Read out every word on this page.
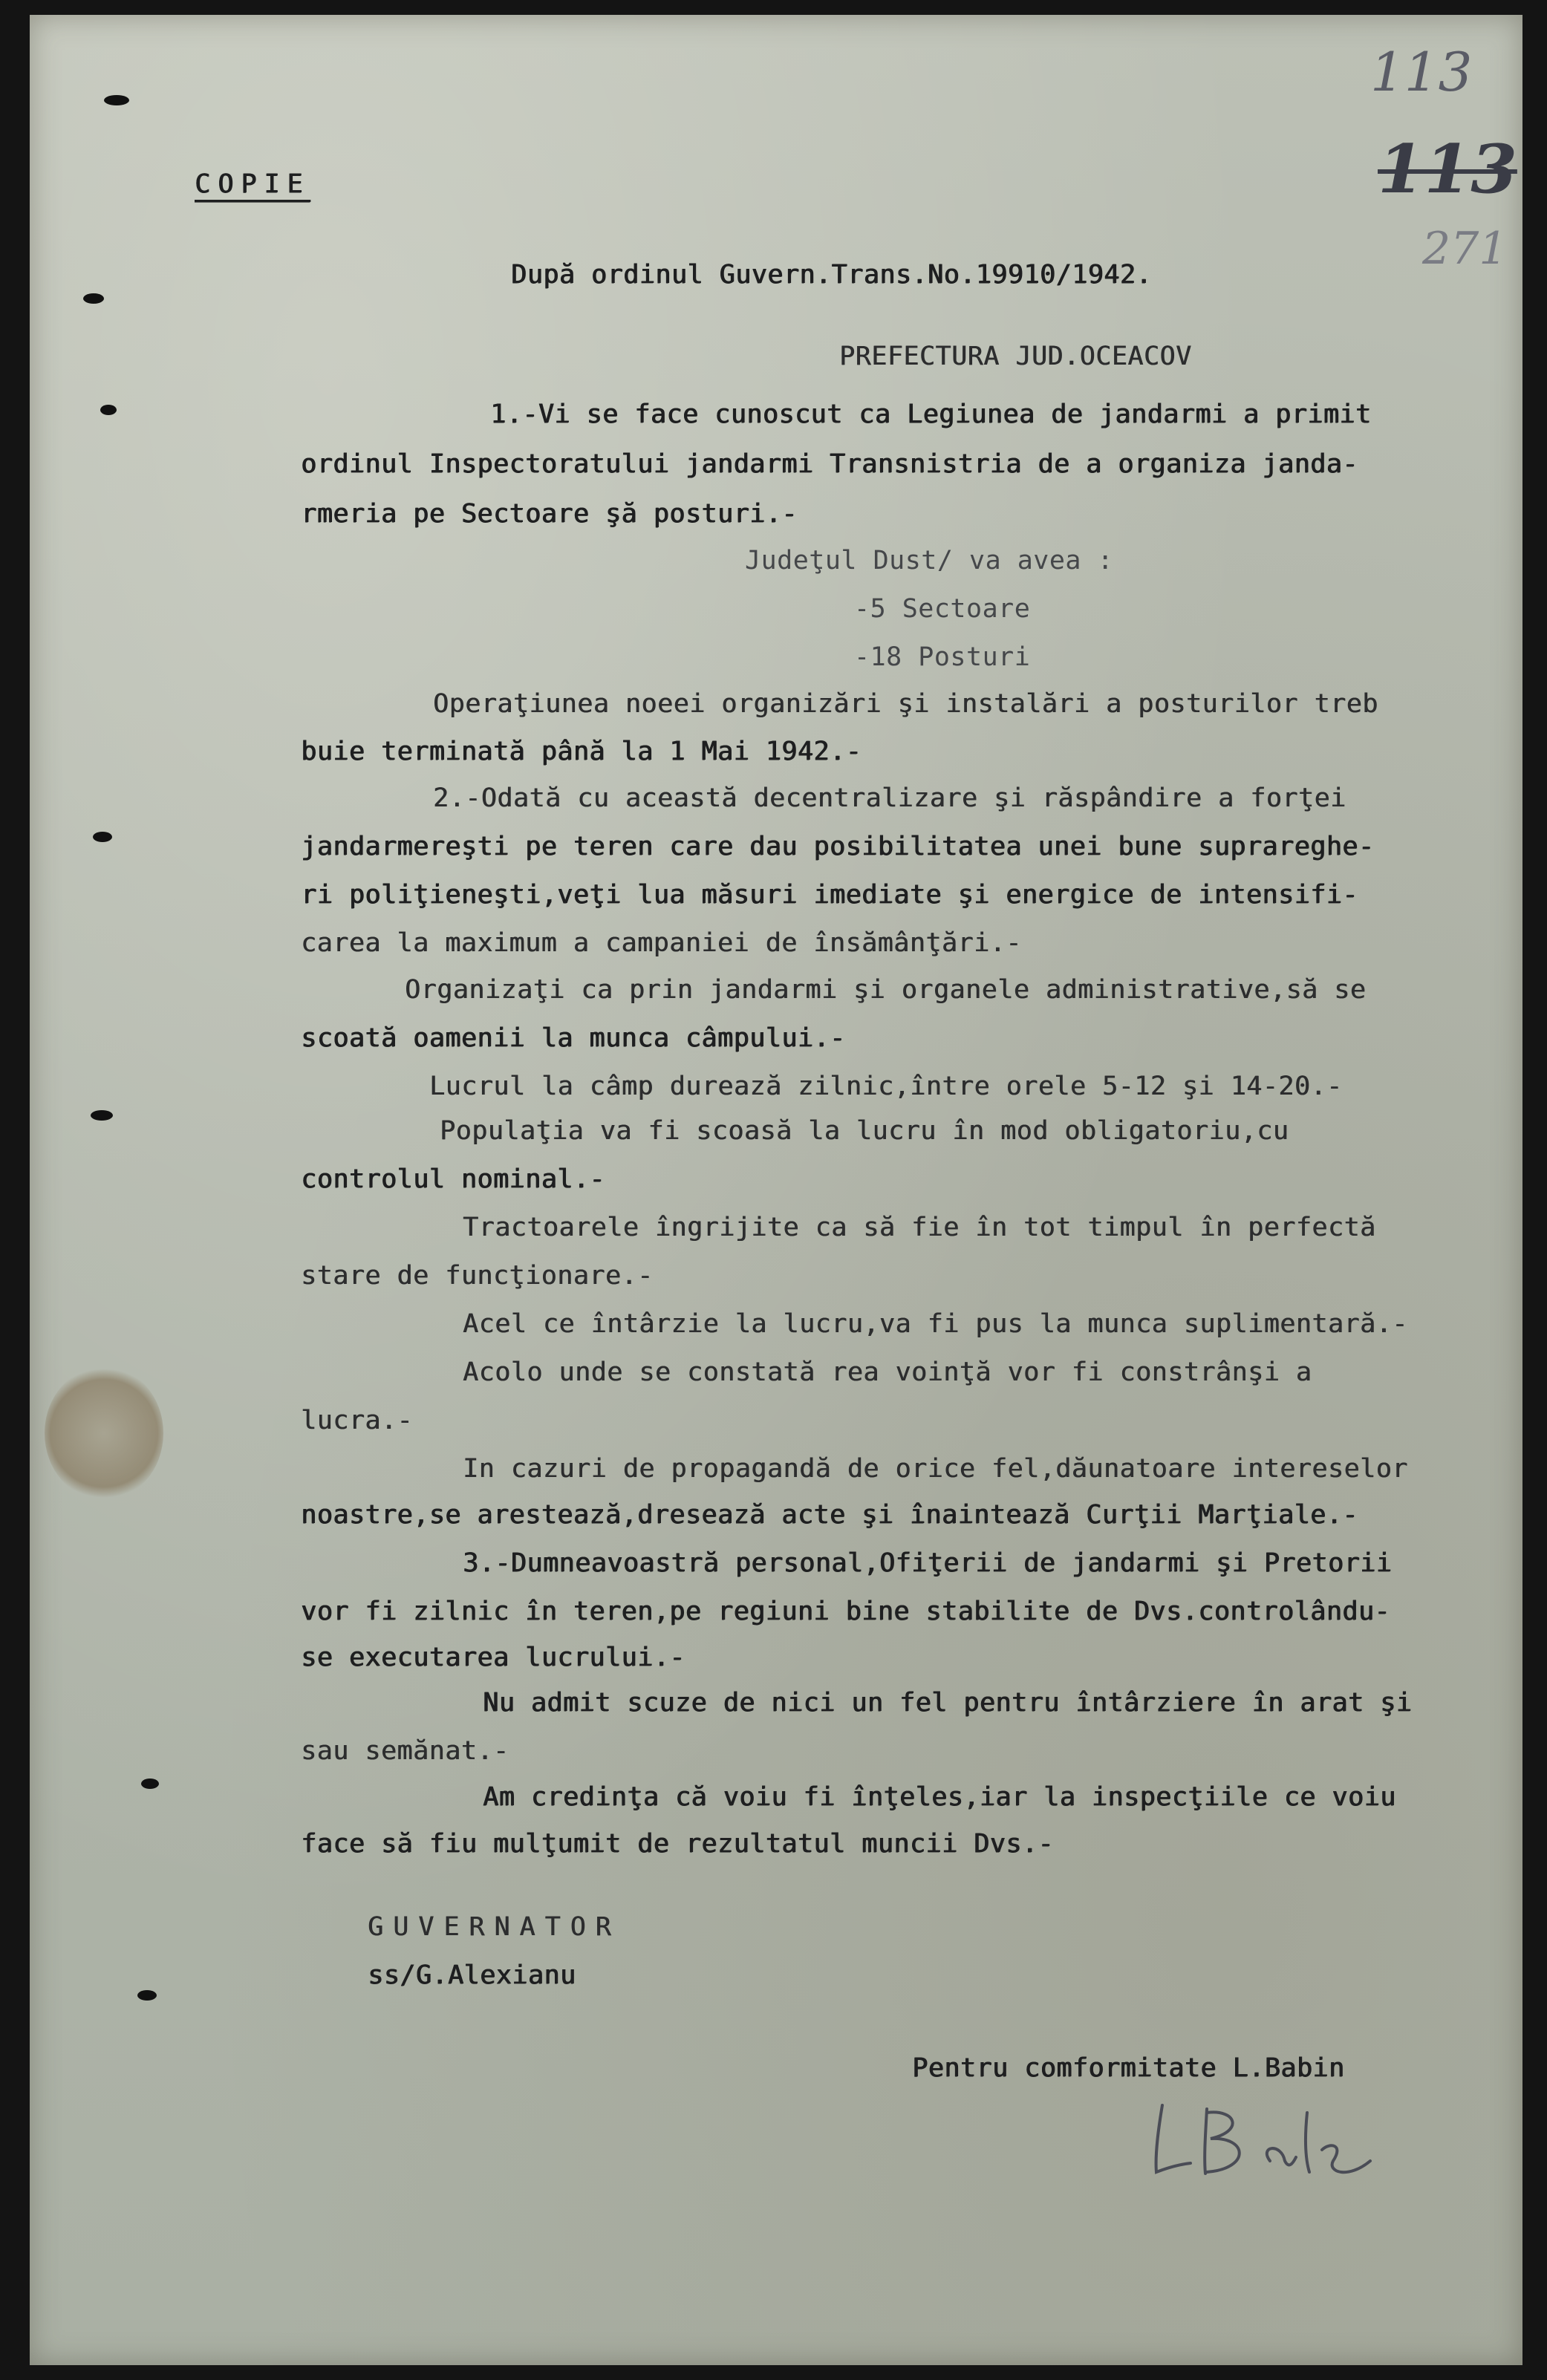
113
113
271
COPIE
După ordinul Guvern.Trans.No.19910/1942.
PREFECTURA JUD.OCEACOV
1.-Vi se face cunoscut ca Legiunea de jandarmi a primit
ordinul Inspectoratului jandarmi Transnistria de a organiza janda-
rmeria pe Sectoare şă posturi.-
Judeţul Dust/ va avea :
-5 Sectoare
-18 Posturi
Operaţiunea noeei organizări şi instalări a posturilor treb
buie terminată până la 1 Mai 1942.-
2.-Odată cu această decentralizare şi răspândire a forţei
jandarmereşti pe teren care dau posibilitatea unei bune suprareghe-
ri poliţieneşti,veţi lua măsuri imediate şi energice de intensifi-
carea la maximum a campaniei de însămânţări.-
Organizaţi ca prin jandarmi şi organele administrative,să se
scoată oamenii la munca câmpului.-
Lucrul la câmp durează zilnic,între orele 5-12 şi 14-20.-
Populaţia va fi scoasă la lucru în mod obligatoriu,cu
controlul nominal.-
Tractoarele îngrijite ca să fie în tot timpul în perfectă
stare de funcţionare.-
Acel ce întârzie la lucru,va fi pus la munca suplimentară.-
Acolo unde se constată rea voinţă vor fi constrânşi a
lucra.-
In cazuri de propagandă de orice fel,dăunatoare intereselor
noastre,se arestează,dresează acte şi înaintează Curţii Marţiale.-
3.-Dumneavoastră personal,Ofiţerii de jandarmi şi Pretorii
vor fi zilnic în teren,pe regiuni bine stabilite de Dvs.controlându-
se executarea lucrului.-
Nu admit scuze de nici un fel pentru întârziere în arat şi
sau semănat.-
Am credinţa că voiu fi înţeles,iar la inspecţiile ce voiu
face să fiu mulţumit de rezultatul muncii Dvs.-
GUVERNATOR
ss/G.Alexianu
Pentru comformitate L.Babin
